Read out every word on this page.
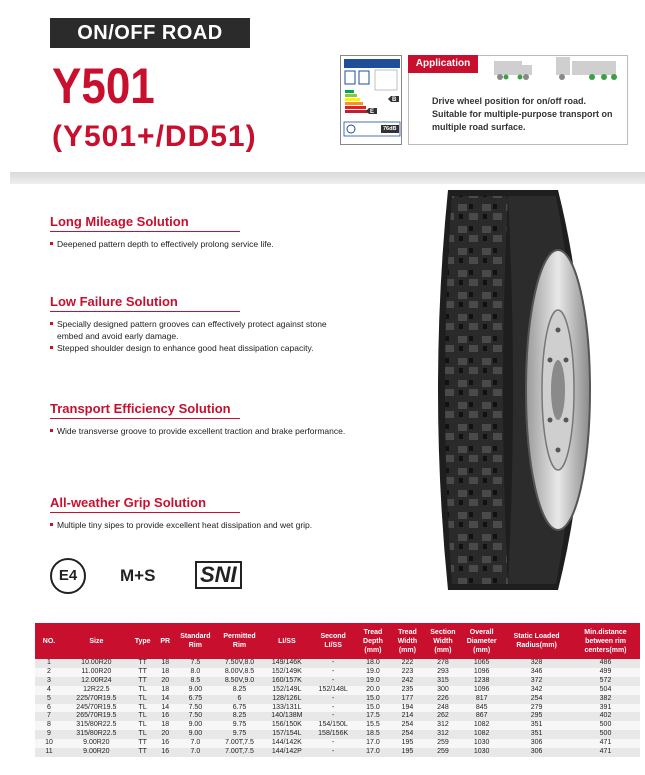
ON/OFF ROAD
Y501
(Y501+/DD51)
B
E
76dB
Application
Drive wheel position for on/off road.
Suitable for multiple-purpose transport on
multiple road surface.
Long Mileage Solution
Deepened pattern depth to effectively prolong service life.
Low Failure Solution
Specially designed pattern grooves can effectively protect against stone embed and avoid early damage.
Stepped shoulder design to enhance good heat dissipation capacity.
Transport Efficiency Solution
Wide transverse groove to provide excellent traction and brake performance.
All-weather Grip Solution
Multiple tiny sipes to provide excellent heat dissipation and wet grip.
E4	M+S SNI
NO.	Size	Type	PR	Standard Rim	Permitted Rim	LI/SS	Second LI/SS	Tread Depth (mm)	Tread Width (mm)	Section Width (mm)	Overall Diameter (mm)	Static Loaded Radius(mm)	Min.distance between rim centers(mm)
1	10.00R20	TT	18	7.5	7.50V,8.0	149/146K	-	18.0	222	278	1065	328	486
2	11.00R20	TT	18	8.0	8.00V,8.5	152/149K	-	19.0	223	293	1096	346	499
3	12.00R24	TT	20	8.5	8.50V,9.0	160/157K	-	19.0	242	315	1238	372	572
4	12R22.5	TL	18	9.00	8.25	152/149L	152/148L	20.0	235	300	1096	342	504
5	225/70R19.5	TL	14	6.75	6	128/126L	-	15.0	177	226	817	254	382
6	245/70R19.5	TL	14	7.50	6.75	133/131L	-	15.0	194	248	845	279	391
7	265/70R19.5	TL	16	7.50	8.25	140/138M	-	17.5	214	262	867	295	402
8	315/80R22.5	TL	18	9.00	9.75	156/150K	154/150L	15.5	254	312	1082	351	500
9	315/80R22.5	TL	20	9.00	9.75	157/154L	158/156K	18.5	254	312	1082	351	500
10	9.00R20	TT	16	7.0	7.00T,7.5	144/142K	-	17.0	195	259	1030	306	471
11	9.00R20	TT	16	7.0	7.00T,7.5	144/142P	-	17.0	195	259	1030	306	471
